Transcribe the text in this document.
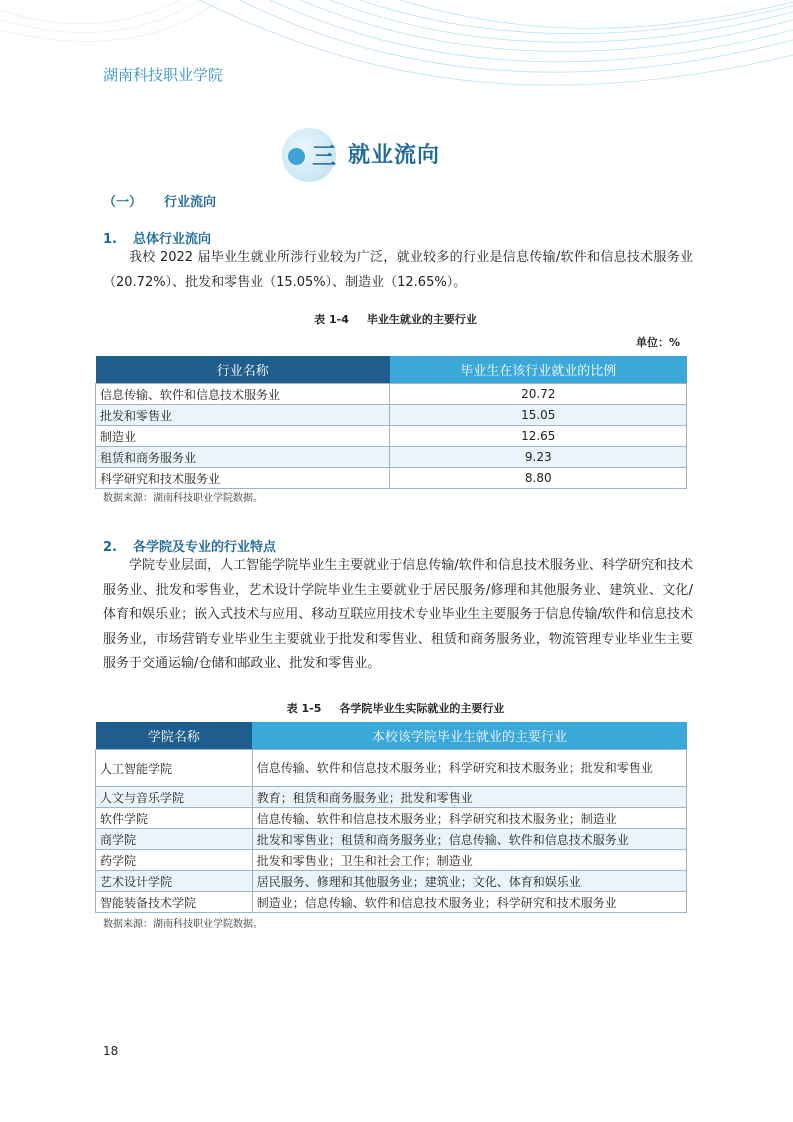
湖南科技职业学院
三 就业流向
（一） 行业流向
1. 总体行业流向

我校 2022 届毕业生就业所涉行业较为广泛，就业较多的行业是信息传输/软件和信息技术服务业（20.72%）、批发和零售业（15.05%）、制造业（12.65%）。

表 1-4 毕业生就业的主要行业
单位：%
行业名称	毕业生在该行业就业的比例
信息传输、软件和信息技术服务业	20.72
批发和零售业	15.05
制造业	12.65
租赁和商务服务业	9.23
科学研究和技术服务业	8.80
数据来源：湖南科技职业学院数据。
2. 各学院及专业的行业特点

学院专业层面，人工智能学院毕业生主要就业于信息传输/软件和信息技术服务业、科学研究和技术服务业、批发和零售业，艺术设计学院毕业生主要就业于居民服务/修理和其他服务业、建筑业、文化/体育和娱乐业；嵌入式技术与应用、移动互联应用技术专业毕业生主要服务于信息传输/软件和信息技术服务业，市场营销专业毕业生主要就业于批发和零售业、租赁和商务服务业，物流管理专业毕业生主要服务于交通运输/仓储和邮政业、批发和零售业。

表 1-5 各学院毕业生实际就业的主要行业
学院名称	本校该学院毕业生就业的主要行业
人工智能学院	信息传输、软件和信息技术服务业；科学研究和技术服务业；批发和零售业
人文与音乐学院	教育；租赁和商务服务业；批发和零售业
软件学院	信息传输、软件和信息技术服务业；科学研究和技术服务业；制造业
商学院	批发和零售业；租赁和商务服务业；信息传输、软件和信息技术服务业
药学院	批发和零售业；卫生和社会工作；制造业
艺术设计学院	居民服务、修理和其他服务业；建筑业；文化、体育和娱乐业
智能装备技术学院	制造业；信息传输、软件和信息技术服务业；科学研究和技术服务业
数据来源：湖南科技职业学院数据。
18
